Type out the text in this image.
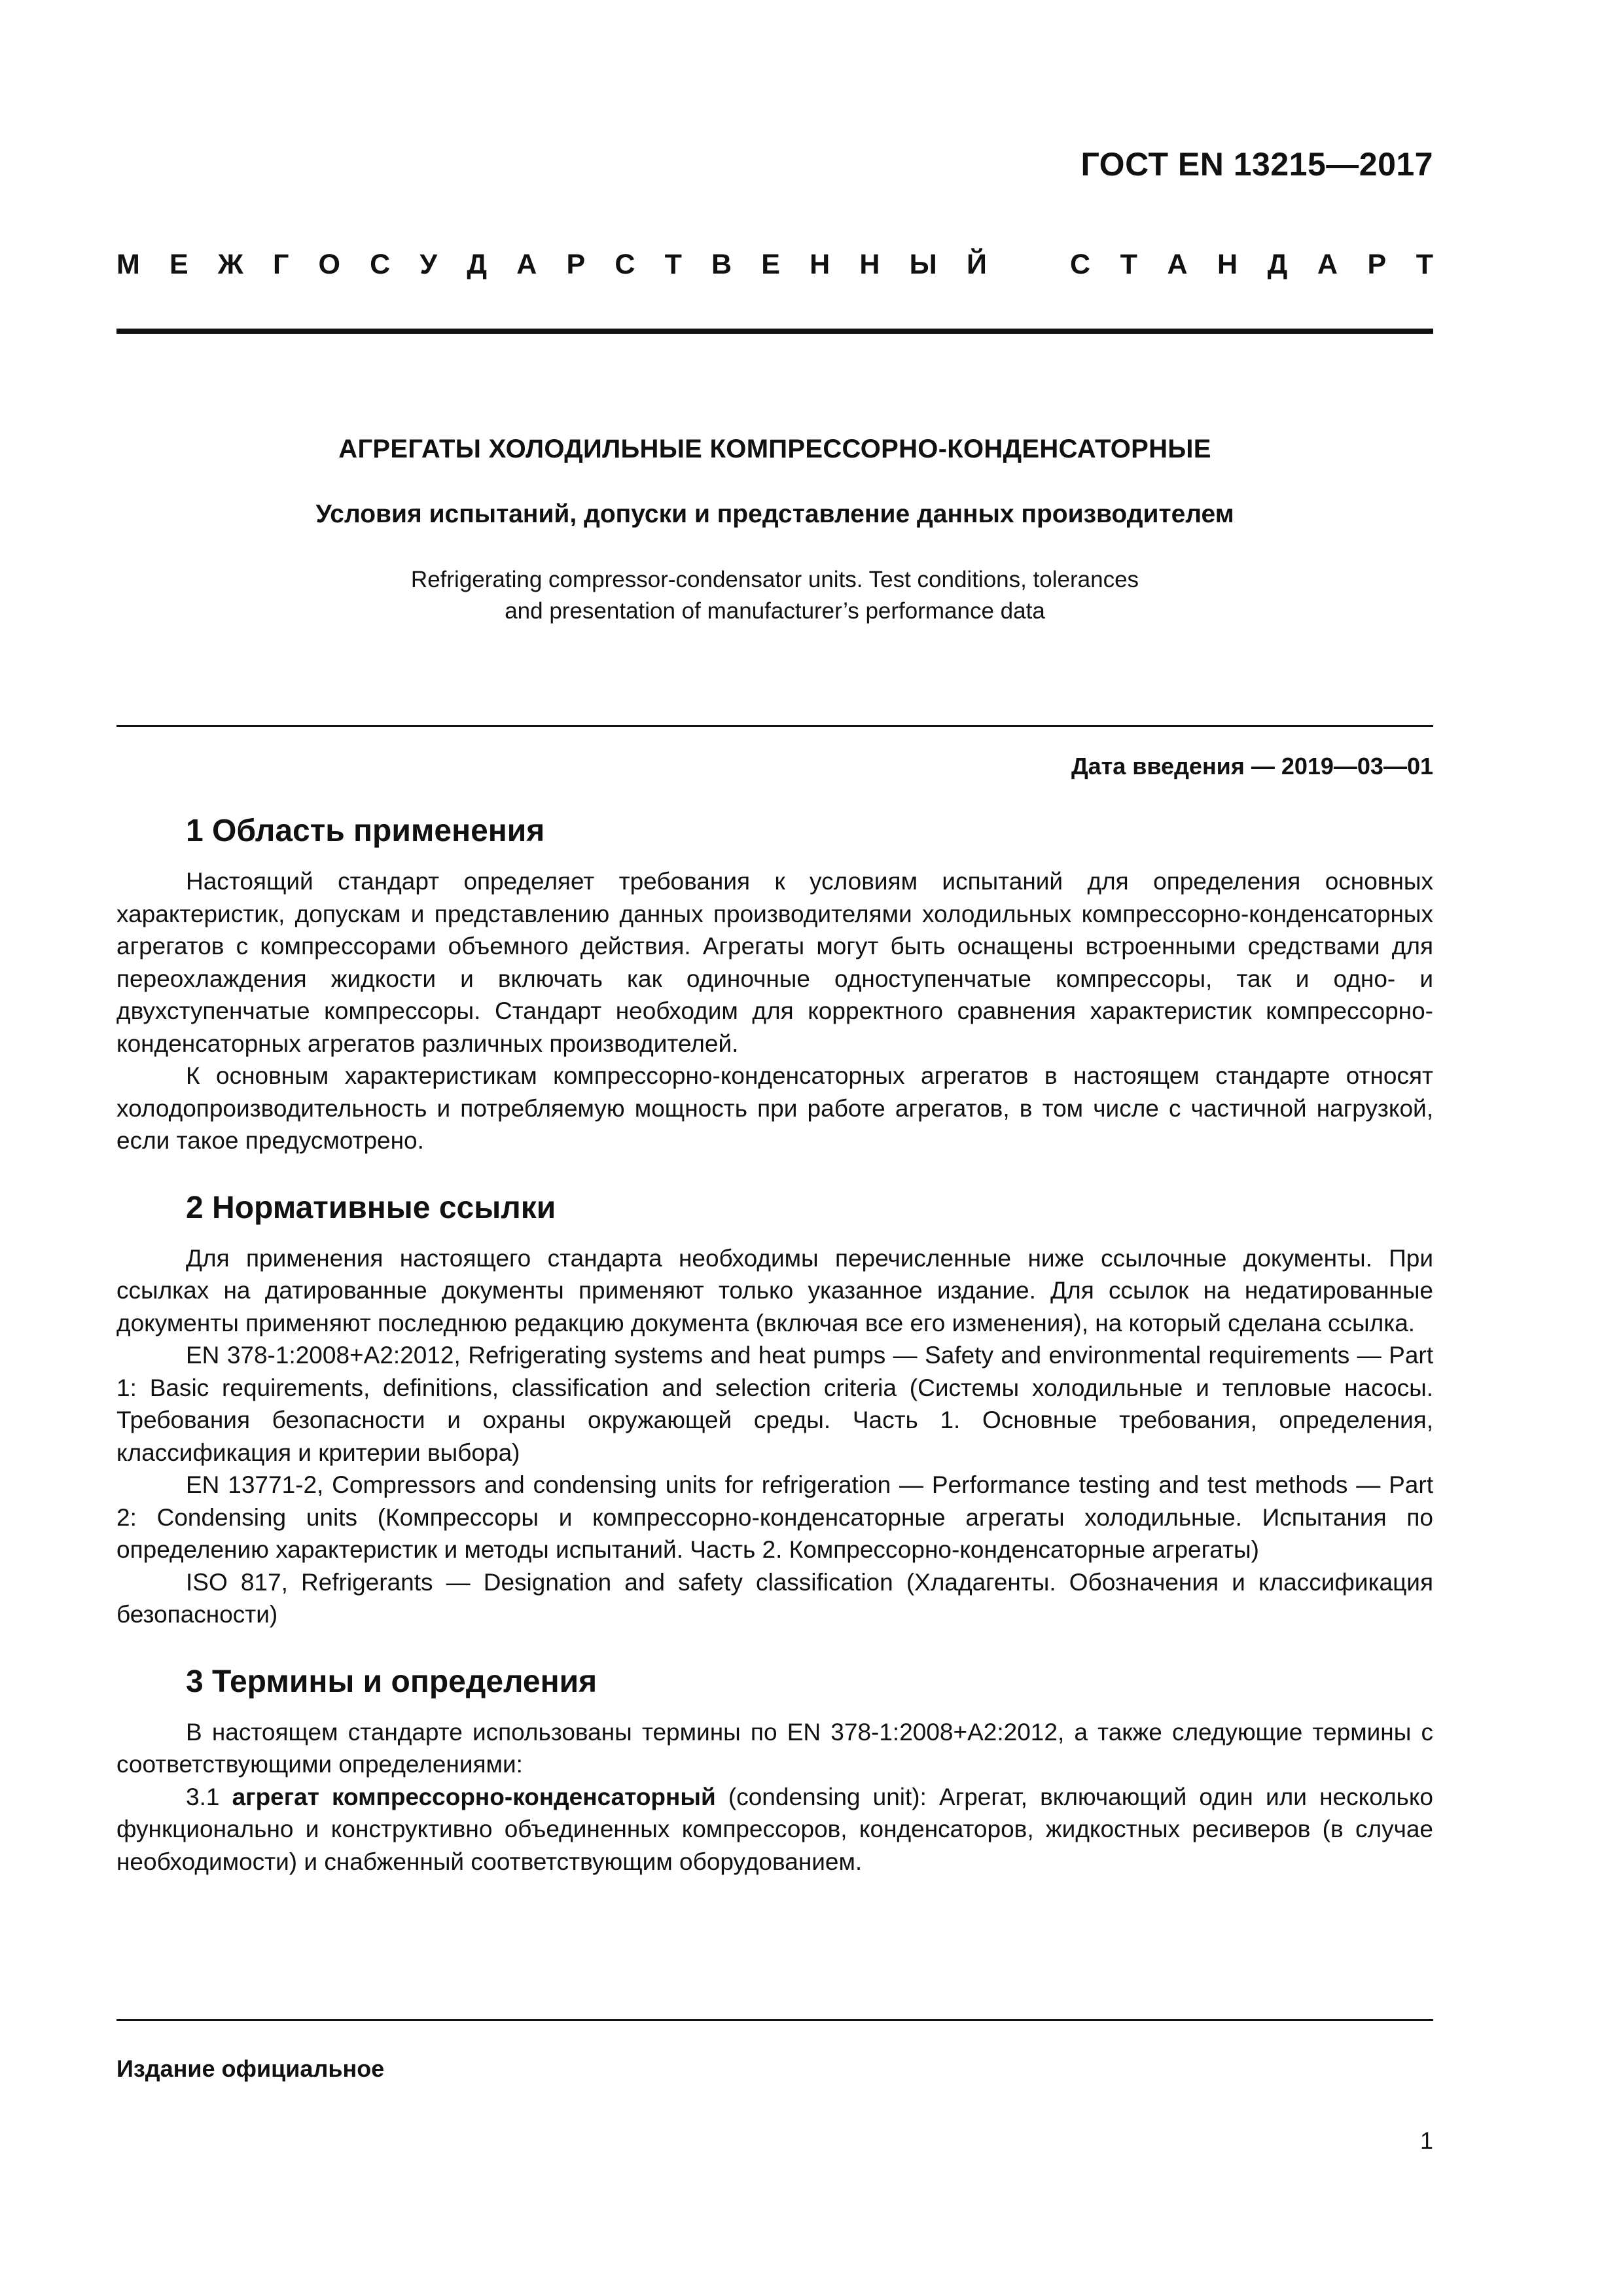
ГОСТ EN 13215—2017
М Е Ж Г О С У Д А Р С Т В Е Н Н Ы Й	С Т А Н Д А Р Т
АГРЕГАТЫ ХОЛОДИЛЬНЫЕ КОМПРЕССОРНО-КОНДЕНСАТОРНЫЕ
Условия испытаний, допуски и представление данных производителем
Refrigerating compressor-condensator units. Test conditions, tolerances
and presentation of manufacturer’s performance data
Дата введения — 2019—03—01
1 Область применения

Настоящий стандарт определяет требования к условиям испытаний для определения основных характеристик, допускам и представлению данных производителями холодильных компрессорно-конденсаторных агрегатов с компрессорами объемного действия. Агрегаты могут быть оснащены встроенными средствами для переохлаждения жидкости и включать как одиночные одноступенчатые компрессоры, так и одно- и двухступенчатые компрессоры. Стандарт необходим для корректного сравнения характеристик компрессорно-конденсаторных агрегатов различных производителей.

К основным характеристикам компрессорно-конденсаторных агрегатов в настоящем стандарте относят холодопроизводительность и потребляемую мощность при работе агрегатов, в том числе с частичной нагрузкой, если такое предусмотрено.

2 Нормативные ссылки

Для применения настоящего стандарта необходимы перечисленные ниже ссылочные документы. При ссылках на датированные документы применяют только указанное издание. Для ссылок на недатированные документы применяют последнюю редакцию документа (включая все его изменения), на который сделана ссылка.

EN 378-1:2008+A2:2012, Refrigerating systems and heat pumps — Safety and environmental requirements — Part 1: Basic requirements, definitions, classification and selection criteria (Системы холодильные и тепловые насосы. Требования безопасности и охраны окружающей среды. Часть 1. Основные требования, определения, классификация и критерии выбора)

EN 13771-2, Compressors and condensing units for refrigeration — Performance testing and test methods — Part 2: Condensing units (Компрессоры и компрессорно-конденсаторные агрегаты холодильные. Испытания по определению характеристик и методы испытаний. Часть 2. Компрессорно-конденсаторные агрегаты)

ISO 817, Refrigerants — Designation and safety classification (Хладагенты. Обозначения и классификация безопасности)

3 Термины и определения

В настоящем стандарте использованы термины по EN 378-1:2008+A2:2012, а также следующие термины с соответствующими определениями:

3.1 агрегат компрессорно-конденсаторный (condensing unit): Агрегат, включающий один или несколько функционально и конструктивно объединенных компрессоров, конденсаторов, жидкостных ресиверов (в случае необходимости) и снабженный соответствующим оборудованием.

Издание официальное
1
